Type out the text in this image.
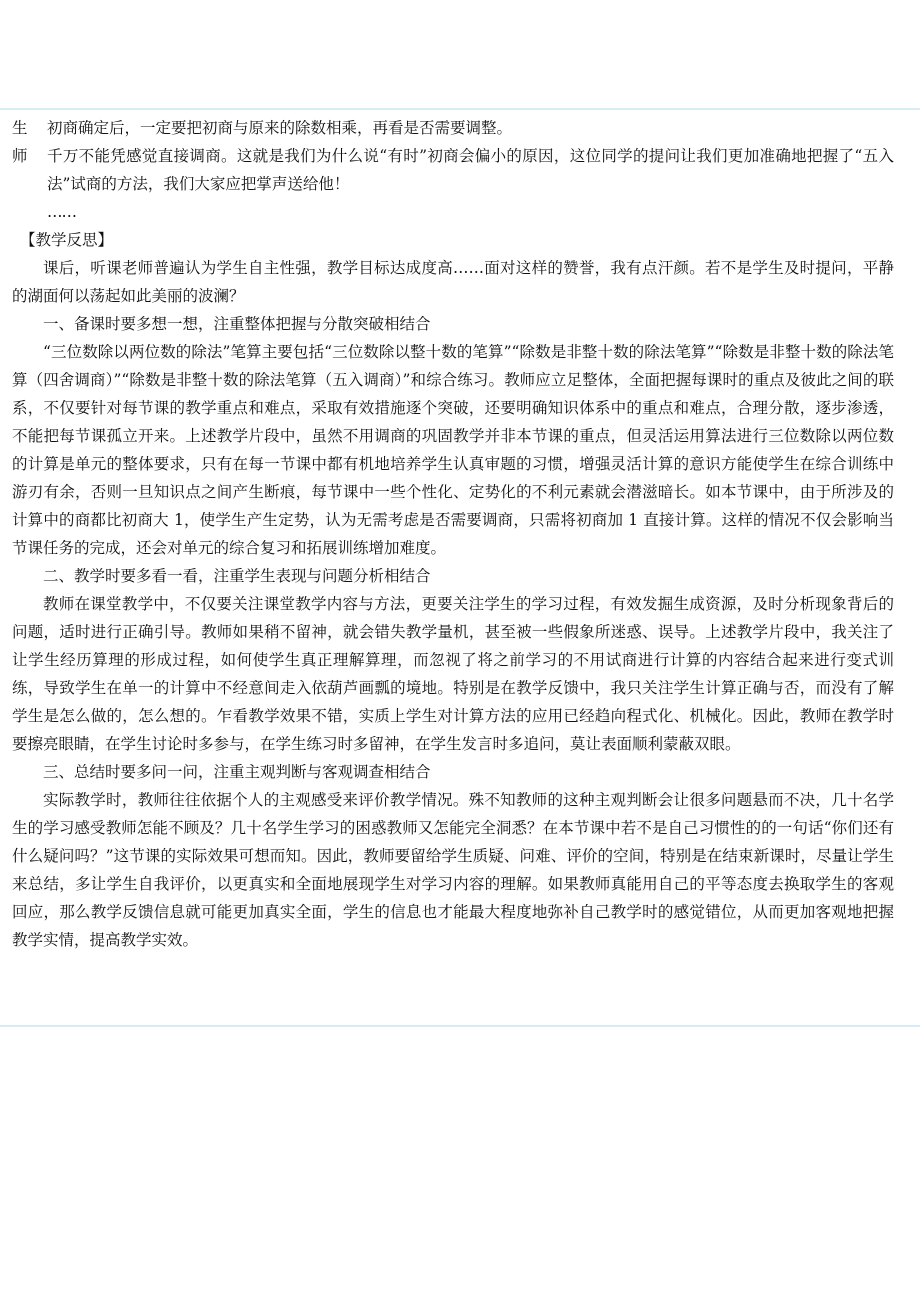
生	初商确定后，一定要把初商与原来的除数相乘，再看是否需要调整。
师	千万不能凭感觉直接调商。这就是我们为什么说“有时”初商会偏小的原因，这位同学的提问让我们更加准确地把握了“五入法”试商的方法，我们大家应把掌声送给他！
……
【教学反思】

课后，听课老师普遍认为学生自主性强，教学目标达成度高……面对这样的赞誉，我有点汗颜。若不是学生及时提问，平静的湖面何以荡起如此美丽的波澜？

一、备课时要多想一想，注重整体把握与分散突破相结合

“三位数除以两位数的除法”笔算主要包括“三位数除以整十数的笔算”“除数是非整十数的除法笔算”“除数是非整十数的除法笔算（四舍调商）”“除数是非整十数的除法笔算（五入调商）”和综合练习。教师应立足整体，全面把握每课时的重点及彼此之间的联系，不仅要针对每节课的教学重点和难点，采取有效措施逐个突破，还要明确知识体系中的重点和难点，合理分散，逐步渗透，不能把每节课孤立开来。上述教学片段中，虽然不用调商的巩固教学并非本节课的重点，但灵活运用算法进行三位数除以两位数的计算是单元的整体要求，只有在每一节课中都有机地培养学生认真审题的习惯，增强灵活计算的意识方能使学生在综合训练中游刃有余，否则一旦知识点之间产生断痕，每节课中一些个性化、定势化的不利元素就会潜滋暗长。如本节课中，由于所涉及的计算中的商都比初商大 1，使学生产生定势，认为无需考虑是否需要调商，只需将初商加 1 直接计算。这样的情况不仅会影响当节课任务的完成，还会对单元的综合复习和拓展训练增加难度。

二、教学时要多看一看，注重学生表现与问题分析相结合

教师在课堂教学中，不仅要关注课堂教学内容与方法，更要关注学生的学习过程，有效发掘生成资源，及时分析现象背后的问题，适时进行正确引导。教师如果稍不留神，就会错失教学量机，甚至被一些假象所迷惑、误导。上述教学片段中，我关注了让学生经历算理的形成过程，如何使学生真正理解算理，而忽视了将之前学习的不用试商进行计算的内容结合起来进行变式训练，导致学生在单一的计算中不经意间走入依葫芦画瓢的境地。特别是在教学反馈中，我只关注学生计算正确与否，而没有了解学生是怎么做的，怎么想的。乍看教学效果不错，实质上学生对计算方法的应用已经趋向程式化、机械化。因此，教师在教学时要擦亮眼睛，在学生讨论时多参与，在学生练习时多留神，在学生发言时多追问，莫让表面顺利蒙蔽双眼。

三、总结时要多问一问，注重主观判断与客观调查相结合

实际教学时，教师往往依据个人的主观感受来评价教学情况。殊不知教师的这种主观判断会让很多问题悬而不决，几十名学生的学习感受教师怎能不顾及？几十名学生学习的困惑教师又怎能完全洞悉？在本节课中若不是自己习惯性的的一句话“你们还有什么疑问吗？”这节课的实际效果可想而知。因此，教师要留给学生质疑、问难、评价的空间，特别是在结束新课时，尽量让学生来总结，多让学生自我评价，以更真实和全面地展现学生对学习内容的理解。如果教师真能用自己的平等态度去换取学生的客观回应，那么教学反馈信息就可能更加真实全面，学生的信息也才能最大程度地弥补自己教学时的感觉错位，从而更加客观地把握教学实情，提高教学实效。
